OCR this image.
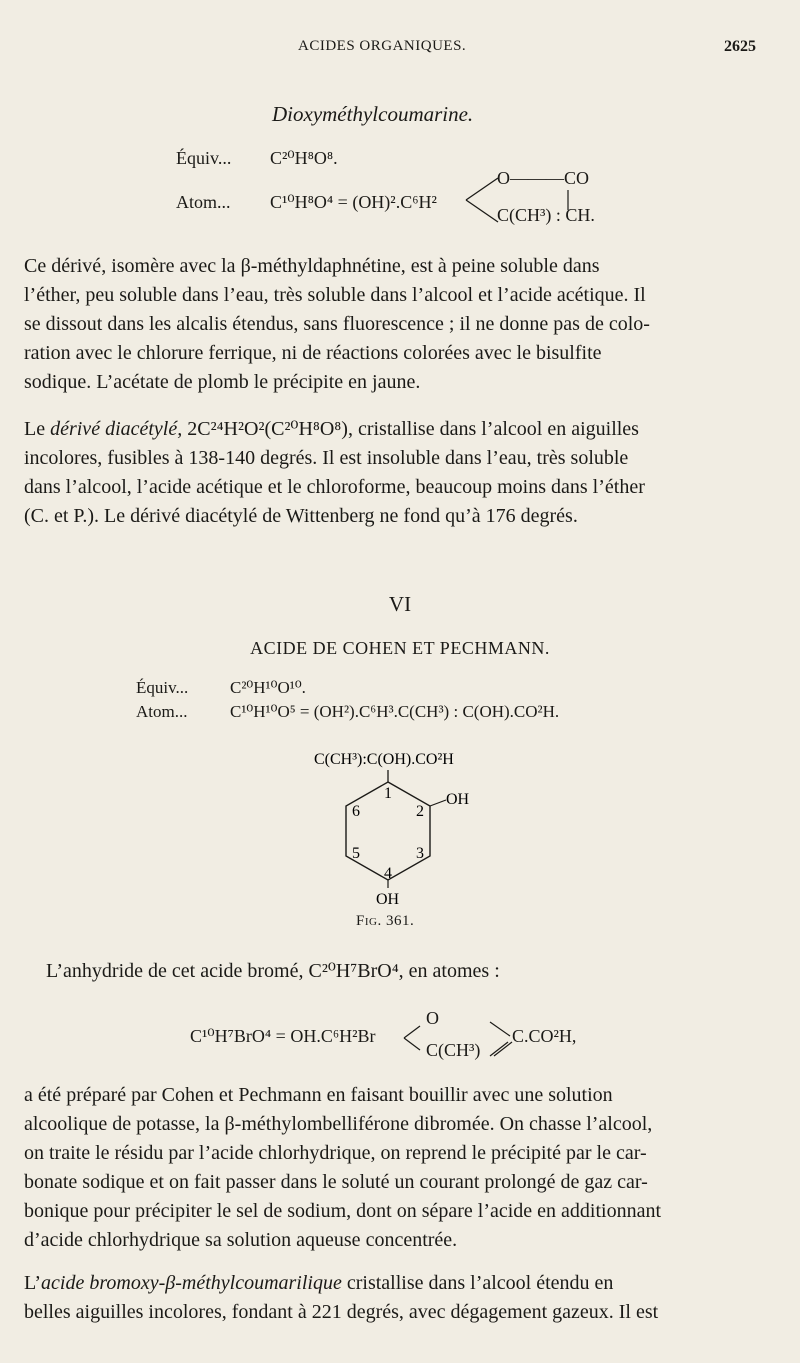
ACIDES ORGANIQUES.	2625
Dioxyméthylcoumarine.
Équiv... C²⁰H⁸O⁸.
Atom... C¹⁰H⁸O⁴ = (OH)².C⁶H²
O———CO
C(CH³) : CH.
Ce dérivé, isomère avec la β-méthyldaphnétine, est à peine soluble dans
l’éther, peu soluble dans l’eau, très soluble dans l’alcool et l’acide acétique. Il
se dissout dans les alcalis étendus, sans fluorescence ; il ne donne pas de colo-
ration avec le chlorure ferrique, ni de réactions colorées avec le bisulfite
sodique. L’acétate de plomb le précipite en jaune.
Le dérivé diacétylé, 2C²⁴H²O²(C²⁰H⁸O⁸), cristallise dans l’alcool en aiguilles
incolores, fusibles à 138-140 degrés. Il est insoluble dans l’eau, très soluble
dans l’alcool, l’acide acétique et le chloroforme, beaucoup moins dans l’éther
(C. et P.). Le dérivé diacétylé de Wittenberg ne fond qu’à 176 degrés.
VI
ACIDE DE COHEN ET PECHMANN.
Équiv... C²⁰H¹⁰O¹⁰.
Atom...	C¹⁰H¹⁰O⁵ = (OH²).C⁶H³.C(CH³) : C(OH).CO²H.
C(CH³):C(OH).CO²H
OH
OH
1
2
3
4
5
6
Fig. 361.
L’anhydride de cet acide bromé, C²⁰H⁷BrO⁴, en atomes :
C¹⁰H⁷BrO⁴ = OH.C⁶H²Br
O
C(CH³)
C.CO²H,
a été préparé par Cohen et Pechmann en faisant bouillir avec une solution
alcoolique de potasse, la β-méthylombelliférone dibromée. On chasse l’alcool,
on traite le résidu par l’acide chlorhydrique, on reprend le précipité par le car-
bonate sodique et on fait passer dans le soluté un courant prolongé de gaz car-
bonique pour précipiter le sel de sodium, dont on sépare l’acide en additionnant
d’acide chlorhydrique sa solution aqueuse concentrée.
L’acide bromoxy-β-méthylcoumarilique cristallise dans l’alcool étendu en
belles aiguilles incolores, fondant à 221 degrés, avec dégagement gazeux. Il est
